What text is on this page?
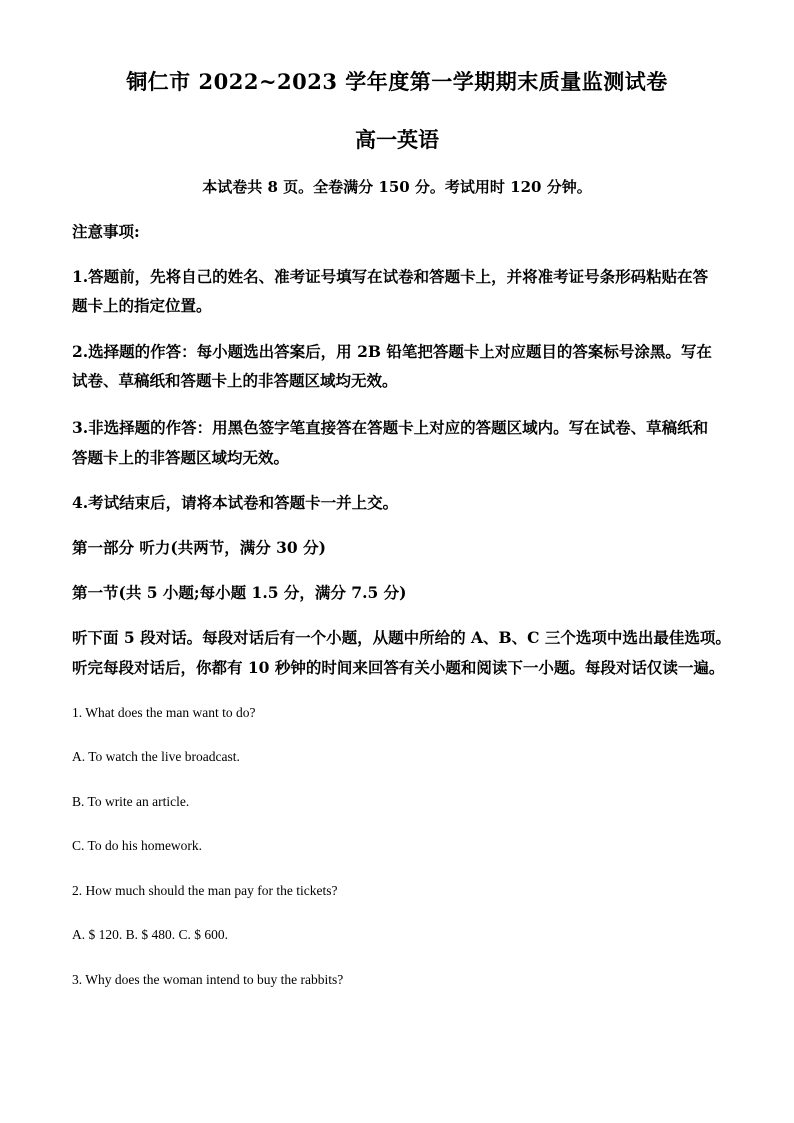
铜仁市 2022~2023 学年度第一学期期末质量监测试卷
高一英语
本试卷共 8 页。全卷满分 150 分。考试用时 120 分钟。
注意事项:
1.答题前，先将自己的姓名、准考证号填写在试卷和答题卡上，并将准考证号条形码粘贴在答
题卡上的指定位置。
2.选择题的作答：每小题选出答案后，用 2B 铅笔把答题卡上对应题目的答案标号涂黑。写在
试卷、草稿纸和答题卡上的非答题区域均无效。
3.非选择题的作答：用黑色签字笔直接答在答题卡上对应的答题区域内。写在试卷、草稿纸和
答题卡上的非答题区域均无效。
4.考试结束后，请将本试卷和答题卡一并上交。
第一部分 听力(共两节，满分 30 分)
第一节(共 5 小题;每小题 1.5 分，满分 7.5 分)
听下面 5 段对话。每段对话后有一个小题，从题中所给的 A、B、C 三个选项中选出最佳选项。
听完每段对话后，你都有 10 秒钟的时间来回答有关小题和阅读下一小题。每段对话仅读一遍。
1. What does the man want to do?
A. To watch the live broadcast.
B. To write an article.
C. To do his homework.
2. How much should the man pay for the tickets?
A. $ 120. B. $ 480. C. $ 600.
3. Why does the woman intend to buy the rabbits?
